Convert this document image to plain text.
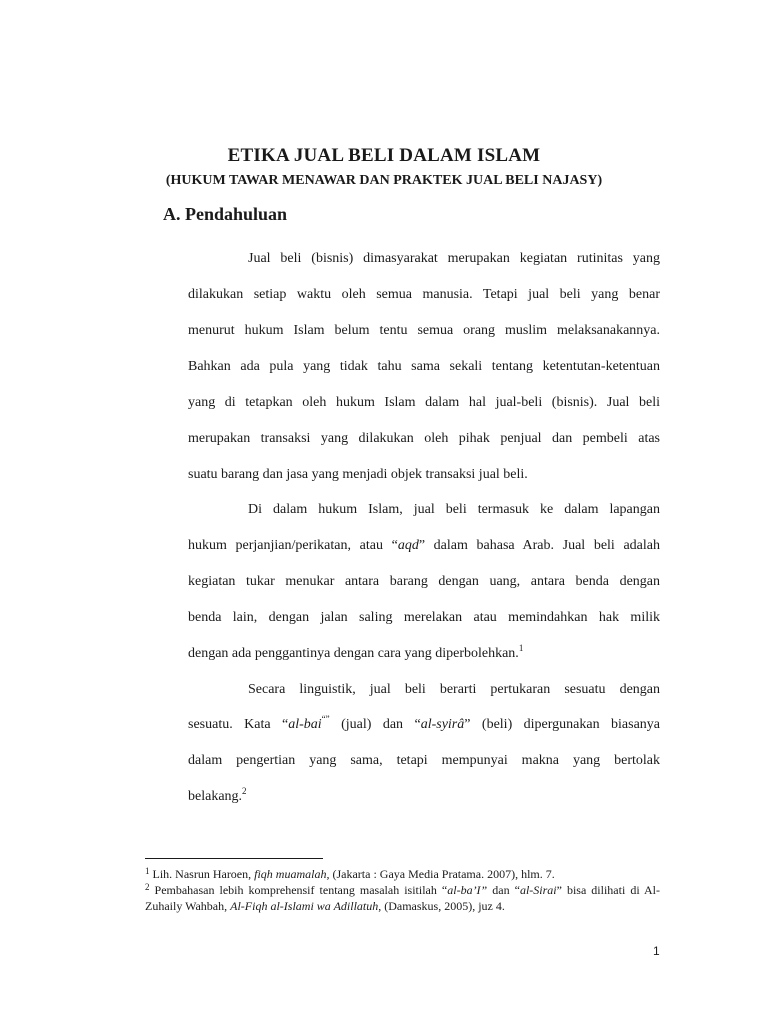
ETIKA JUAL BELI DALAM ISLAM
(HUKUM TAWAR MENAWAR DAN PRAKTEK JUAL BELI NAJASY)
A. Pendahuluan
Jual beli (bisnis) dimasyarakat merupakan kegiatan rutinitas yang
dilakukan setiap waktu oleh semua manusia. Tetapi jual beli yang benar
menurut hukum Islam belum tentu semua orang muslim melaksanakannya.
Bahkan ada pula yang tidak tahu sama sekali tentang ketentutan-ketentuan
yang di tetapkan oleh hukum Islam dalam hal jual-beli (bisnis). Jual beli
merupakan transaksi yang dilakukan oleh pihak penjual dan pembeli atas
suatu barang dan jasa yang menjadi objek transaksi jual beli.
Di dalam hukum Islam, jual beli termasuk ke dalam lapangan
hukum perjanjian/perikatan, atau “aqd” dalam bahasa Arab. Jual beli adalah
kegiatan tukar menukar antara barang dengan uang, antara benda dengan
benda lain, dengan jalan saling merelakan atau memindahkan hak milik
dengan ada penggantinya dengan cara yang diperbolehkan.$^1$
Secara linguistik, jual beli berarti pertukaran sesuatu dengan
sesuatu. Kata “al-bai“” (jual) dan “al-syirâ” (beli) dipergunakan biasanya
dalam pengertian yang sama, tetapi mempunyai makna yang bertolak
belakang.$^2$
$^1$ Lih. Nasrun Haroen, fiqh muamalah, (Jakarta : Gaya Media Pratama. 2007), hlm. 7.
$^2$ Pembahasan lebih komprehensif tentang masalah isitilah “al-ba’I” dan “al-Sirai” bisa dilihati di Al-
Zuhaily Wahbah, Al-Fiqh al-Islami wa Adillatuh, (Damaskus, 2005), juz 4.
1
